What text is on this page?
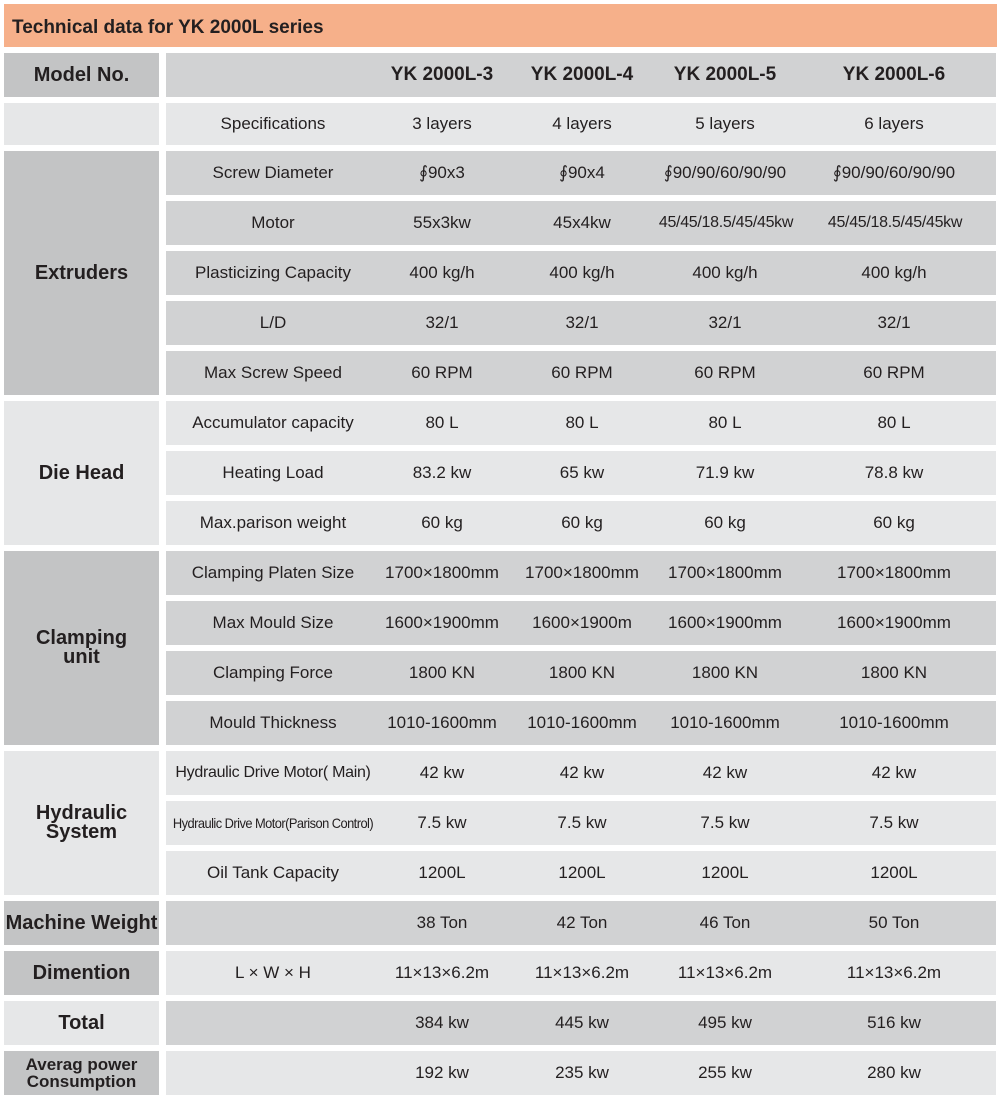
Technical data for YK 2000L series
Model No.	YK 2000L-3	YK 2000L-4	YK 2000L-5	YK 2000L-6
Specifications	3 layers	4 layers	5 layers	6 layers
Extruders
Screw Diameter	∮90x3	∮90x4	∮90/90/60/90/90	∮90/90/60/90/90
Motor	55x3kw	45x4kw	45/45/18.5/45/45kw	45/45/18.5/45/45kw
Plasticizing Capacity	400 kg/h	400 kg/h	400 kg/h	400 kg/h
L/D	32/1	32/1	32/1	32/1
Max Screw Speed	60 RPM	60 RPM	60 RPM	60 RPM
Die Head
Accumulator capacity	80 L	80 L	80 L	80 L
Heating Load	83.2 kw	65 kw	71.9 kw	78.8 kw
Max.parison weight	60 kg	60 kg	60 kg	60 kg
Clamping
unit
Clamping Platen Size	1700×1800mm	1700×1800mm	1700×1800mm	1700×1800mm
Max Mould Size	1600×1900mm	1600×1900m	1600×1900mm	1600×1900mm
Clamping Force	1800 KN	1800 KN	1800 KN	1800 KN
Mould Thickness	1010-1600mm	1010-1600mm	1010-1600mm	1010-1600mm
Hydraulic
System
Hydraulic Drive Motor( Main)	42 kw	42 kw	42 kw	42 kw
Hydraulic Drive Motor(Parison Control)	7.5 kw	7.5 kw	7.5 kw	7.5 kw
Oil Tank Capacity	1200L	1200L	1200L	1200L
Machine Weight	38 Ton	42 Ton	46 Ton	50 Ton
Dimention	L × W × H	11×13×6.2m	11×13×6.2m	11×13×6.2m	11×13×6.2m
Total	384 kw	445 kw	495 kw	516 kw
Averag power
Consumption	192 kw	235 kw	255 kw	280 kw
